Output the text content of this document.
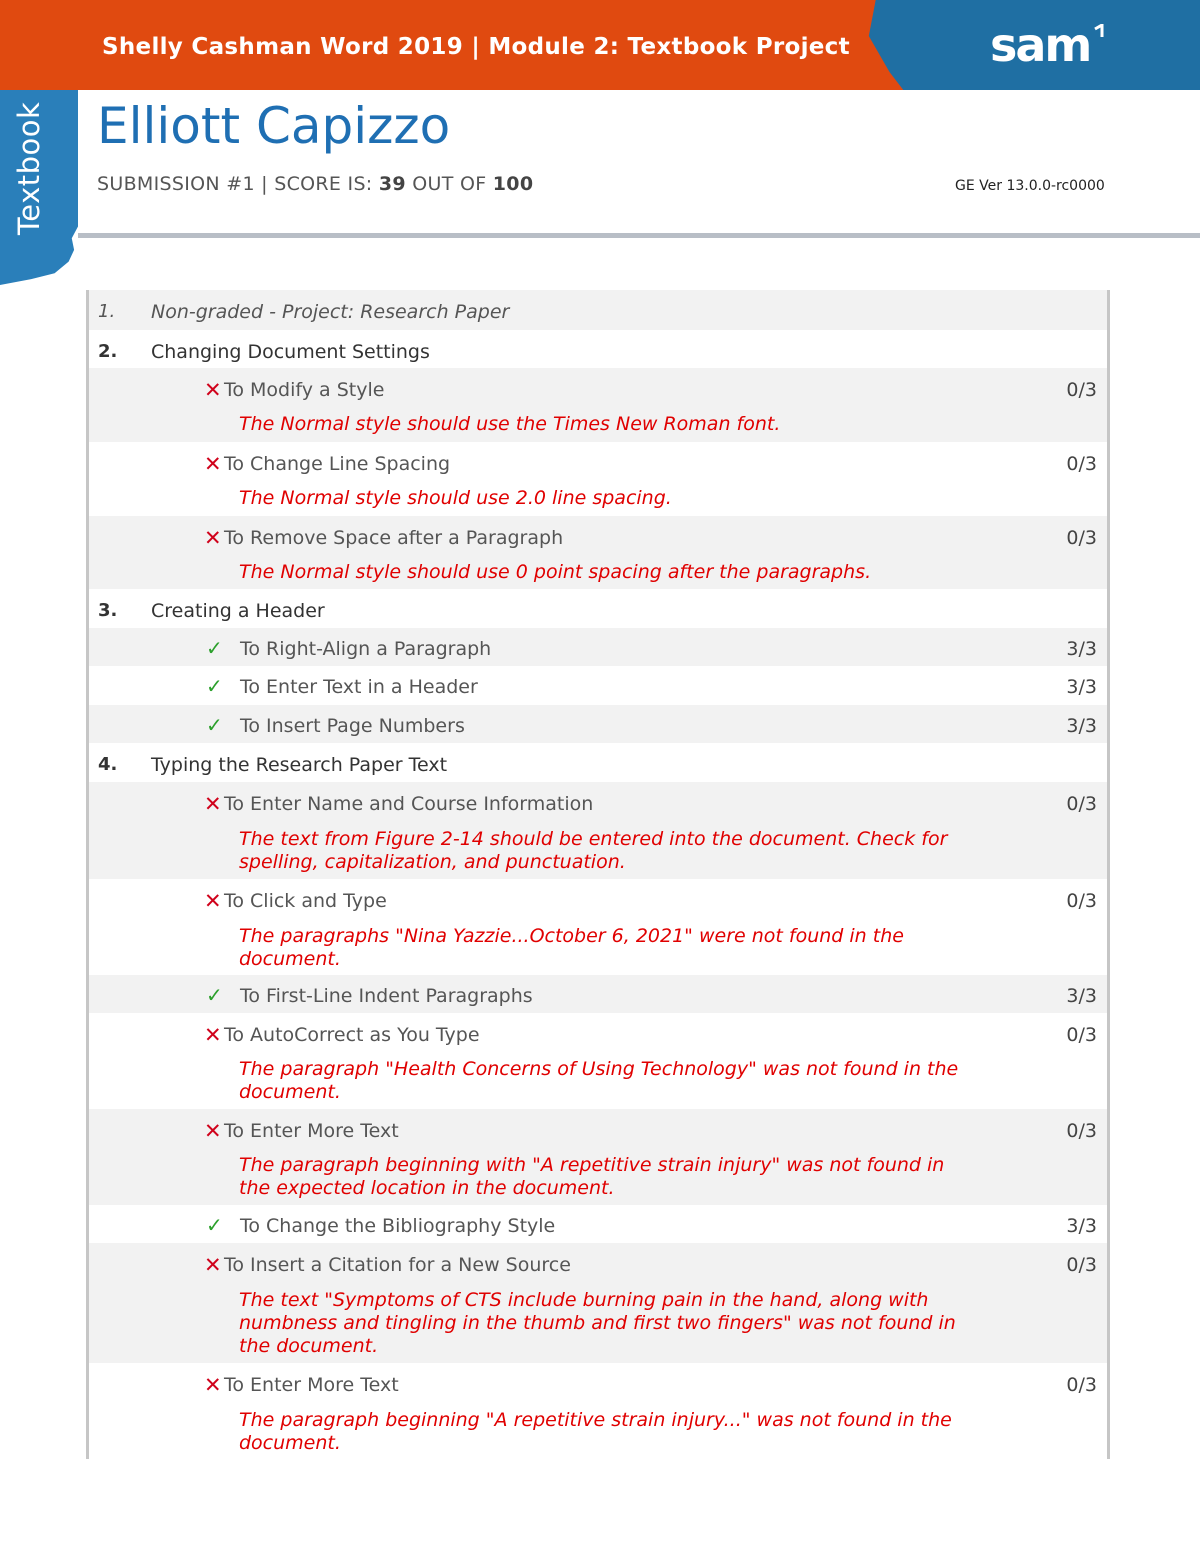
Shelly Cashman Word 2019 | Module 2: Textbook Project	sam
Textbook Elliott Capizzo
SUBMISSION #1 | SCORE IS: 39 OUT OF 100	GE Ver 13.0.0-rc0000
1. Non-graded - Project: Research Paper
2. Changing Document Settings
✕ To Modify a Style	0/3
The Normal style should use the Times New Roman font.
✕ To Change Line Spacing	0/3
The Normal style should use 2.0 line spacing.
✕ To Remove Space after a Paragraph	0/3
The Normal style should use 0 point spacing after the paragraphs.
3. Creating a Header
✓ To Right-Align a Paragraph	3/3
✓ To Enter Text in a Header	3/3
✓ To Insert Page Numbers	3/3
4. Typing the Research Paper Text
✕ To Enter Name and Course Information	0/3
The text from Figure 2-14 should be entered into the document. Check for spelling, capitalization, and punctuation.
✕ To Click and Type	0/3
The paragraphs "Nina Yazzie...October 6, 2021" were not found in the document.
✓ To First-Line Indent Paragraphs	3/3
✕ To AutoCorrect as You Type	0/3
The paragraph "Health Concerns of Using Technology" was not found in the document.
✕ To Enter More Text	0/3
The paragraph beginning with "A repetitive strain injury" was not found in the expected location in the document.
✓ To Change the Bibliography Style	3/3
✕ To Insert a Citation for a New Source	0/3
The text "Symptoms of CTS include burning pain in the hand, along with numbness and tingling in the thumb and first two fingers" was not found in the document.
✕ To Enter More Text	0/3
The paragraph beginning "A repetitive strain injury..." was not found in the document.
